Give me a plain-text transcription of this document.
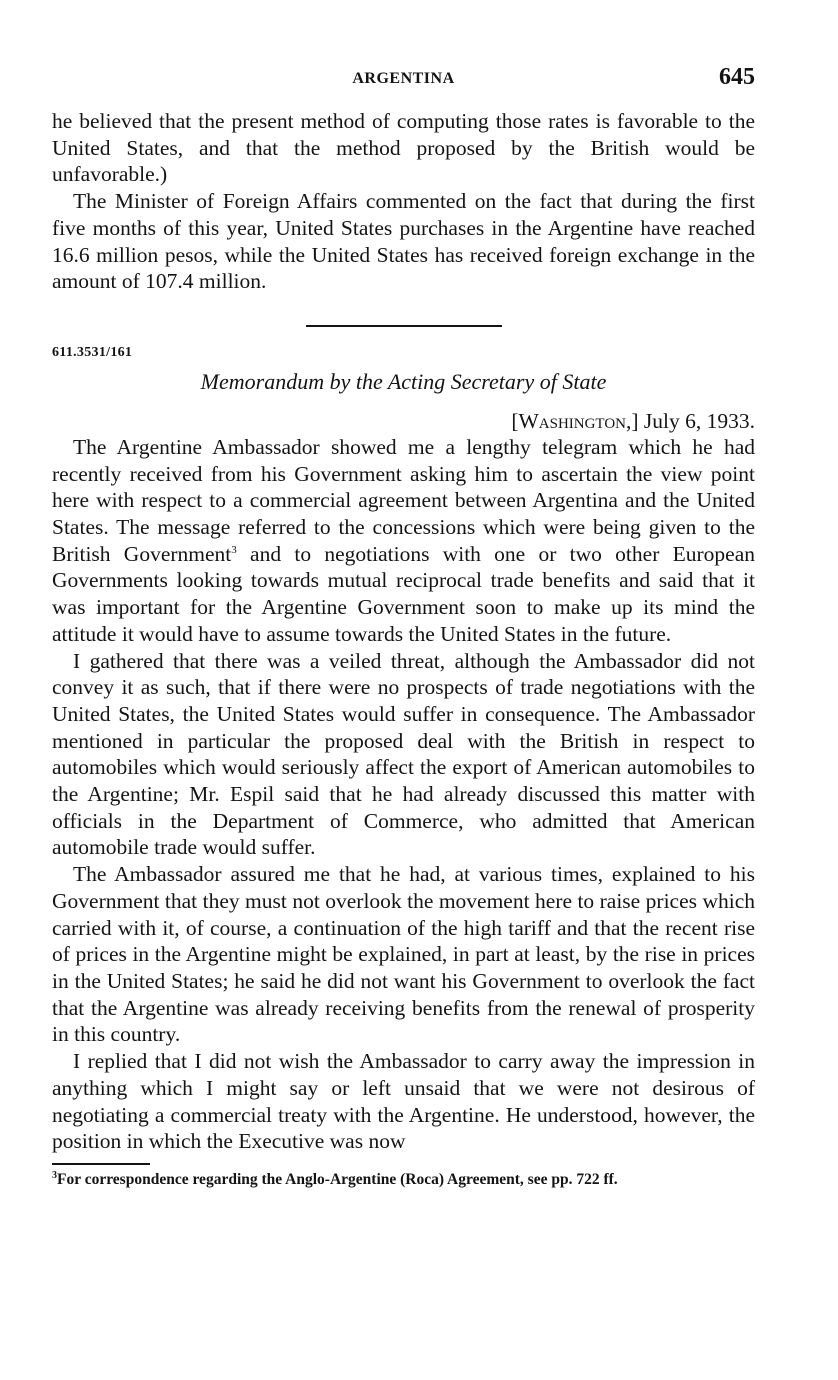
ARGENTINA	645

he believed that the present method of computing those rates is favorable to the United States, and that the method proposed by the British would be unfavorable.)

The Minister of Foreign Affairs commented on the fact that during the first five months of this year, United States purchases in the Argentine have reached 16.6 million pesos, while the United States has received foreign exchange in the amount of 107.4 million.

611.3531/161
Memorandum by the Acting Secretary of State
[Washington,] July 6, 1933.

The Argentine Ambassador showed me a lengthy telegram which he had recently received from his Government asking him to ascertain the view point here with respect to a commercial agreement between Argentina and the United States. The message referred to the concessions which were being given to the British Government$^3$ and to negotiations with one or two other European Governments looking towards mutual reciprocal trade benefits and said that it was important for the Argentine Government soon to make up its mind the attitude it would have to assume towards the United States in the future.

I gathered that there was a veiled threat, although the Ambassador did not convey it as such, that if there were no prospects of trade negotiations with the United States, the United States would suffer in consequence. The Ambassador mentioned in particular the proposed deal with the British in respect to automobiles which would seriously affect the export of American automobiles to the Argentine; Mr. Espil said that he had already discussed this matter with officials in the Department of Commerce, who admitted that American automobile trade would suffer.

The Ambassador assured me that he had, at various times, explained to his Government that they must not overlook the movement here to raise prices which carried with it, of course, a continuation of the high tariff and that the recent rise of prices in the Argentine might be explained, in part at least, by the rise in prices in the United States; he said he did not want his Government to overlook the fact that the Argentine was already receiving benefits from the renewal of prosperity in this country.

I replied that I did not wish the Ambassador to carry away the impression in anything which I might say or left unsaid that we were not desirous of negotiating a commercial treaty with the Argentine. He understood, however, the position in which the Executive was now

$^3$For correspondence regarding the Anglo-Argentine (Roca) Agreement, see pp. 722 ff.
